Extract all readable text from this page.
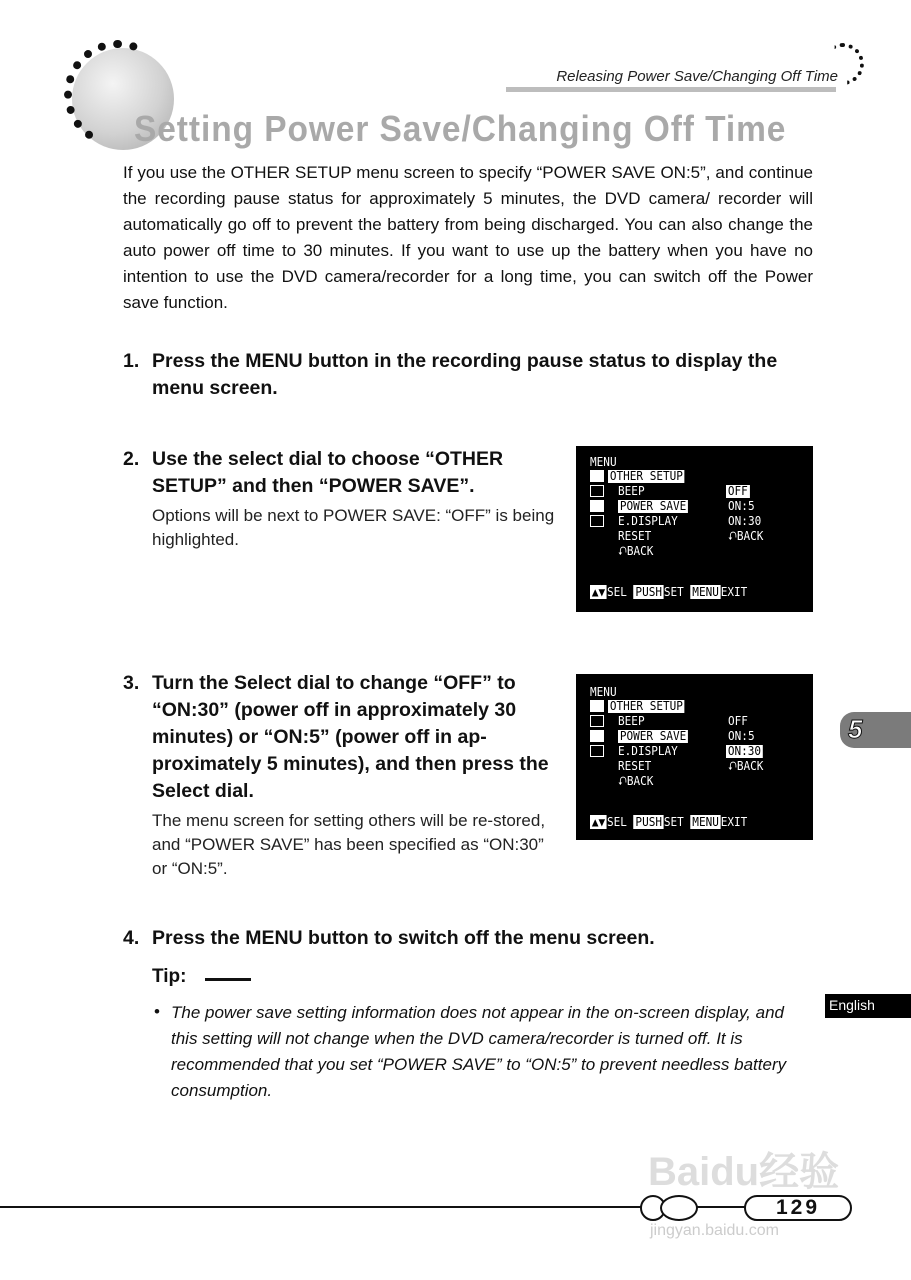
Releasing Power Save/Changing Off Time
Setting Power Save/Changing Off Time

If you use the OTHER SETUP menu screen to specify “POWER SAVE ON:5”, and continue the recording pause status for approximately 5 minutes, the DVD camera/ recorder will automatically go off to prevent the battery from being discharged. You can also change the auto power off time to 30 minutes. If you want to use up the battery when you have no intention to use the DVD camera/recorder for a long time, you can switch off the Power save function.

1. Press the MENU button in the recording pause status to display the menu screen.
2. Use the select dial to choose “OTHER SETUP” and then “POWER SAVE”.
Options will be next to POWER SAVE: “OFF” is being highlighted.
MENU
OTHER SETUP
BEEP
POWER SAVE
E.DISPLAY
RESET
⮏BACK
OFF
ON:5
ON:30
⮏BACK
▲▼ SEL PUSH SET MENU EXIT
3. Turn the Select dial to change “OFF” to “ON:30” (power off in approximately 30 minutes) or “ON:5” (power off in ap-proximately 5 minutes), and then press the Select dial.
The menu screen for setting others will be re-stored, and “POWER SAVE” has been specified as “ON:30” or “ON:5”.
MENU
OTHER SETUP
BEEP
POWER SAVE
E.DISPLAY
RESET
⮏BACK
OFF
ON:5
ON:30
⮏BACK
▲▼ SEL PUSH SET MENU EXIT
4. Press the MENU button to switch off the menu screen.
Tip:
• The power save setting information does not appear in the on-screen display, and this setting will not change when the DVD camera/recorder is turned off. It is recommended that you set “POWER SAVE” to “ON:5” to prevent needless battery consumption.

5
English
Baidu经验
129
jingyan.baidu.com
